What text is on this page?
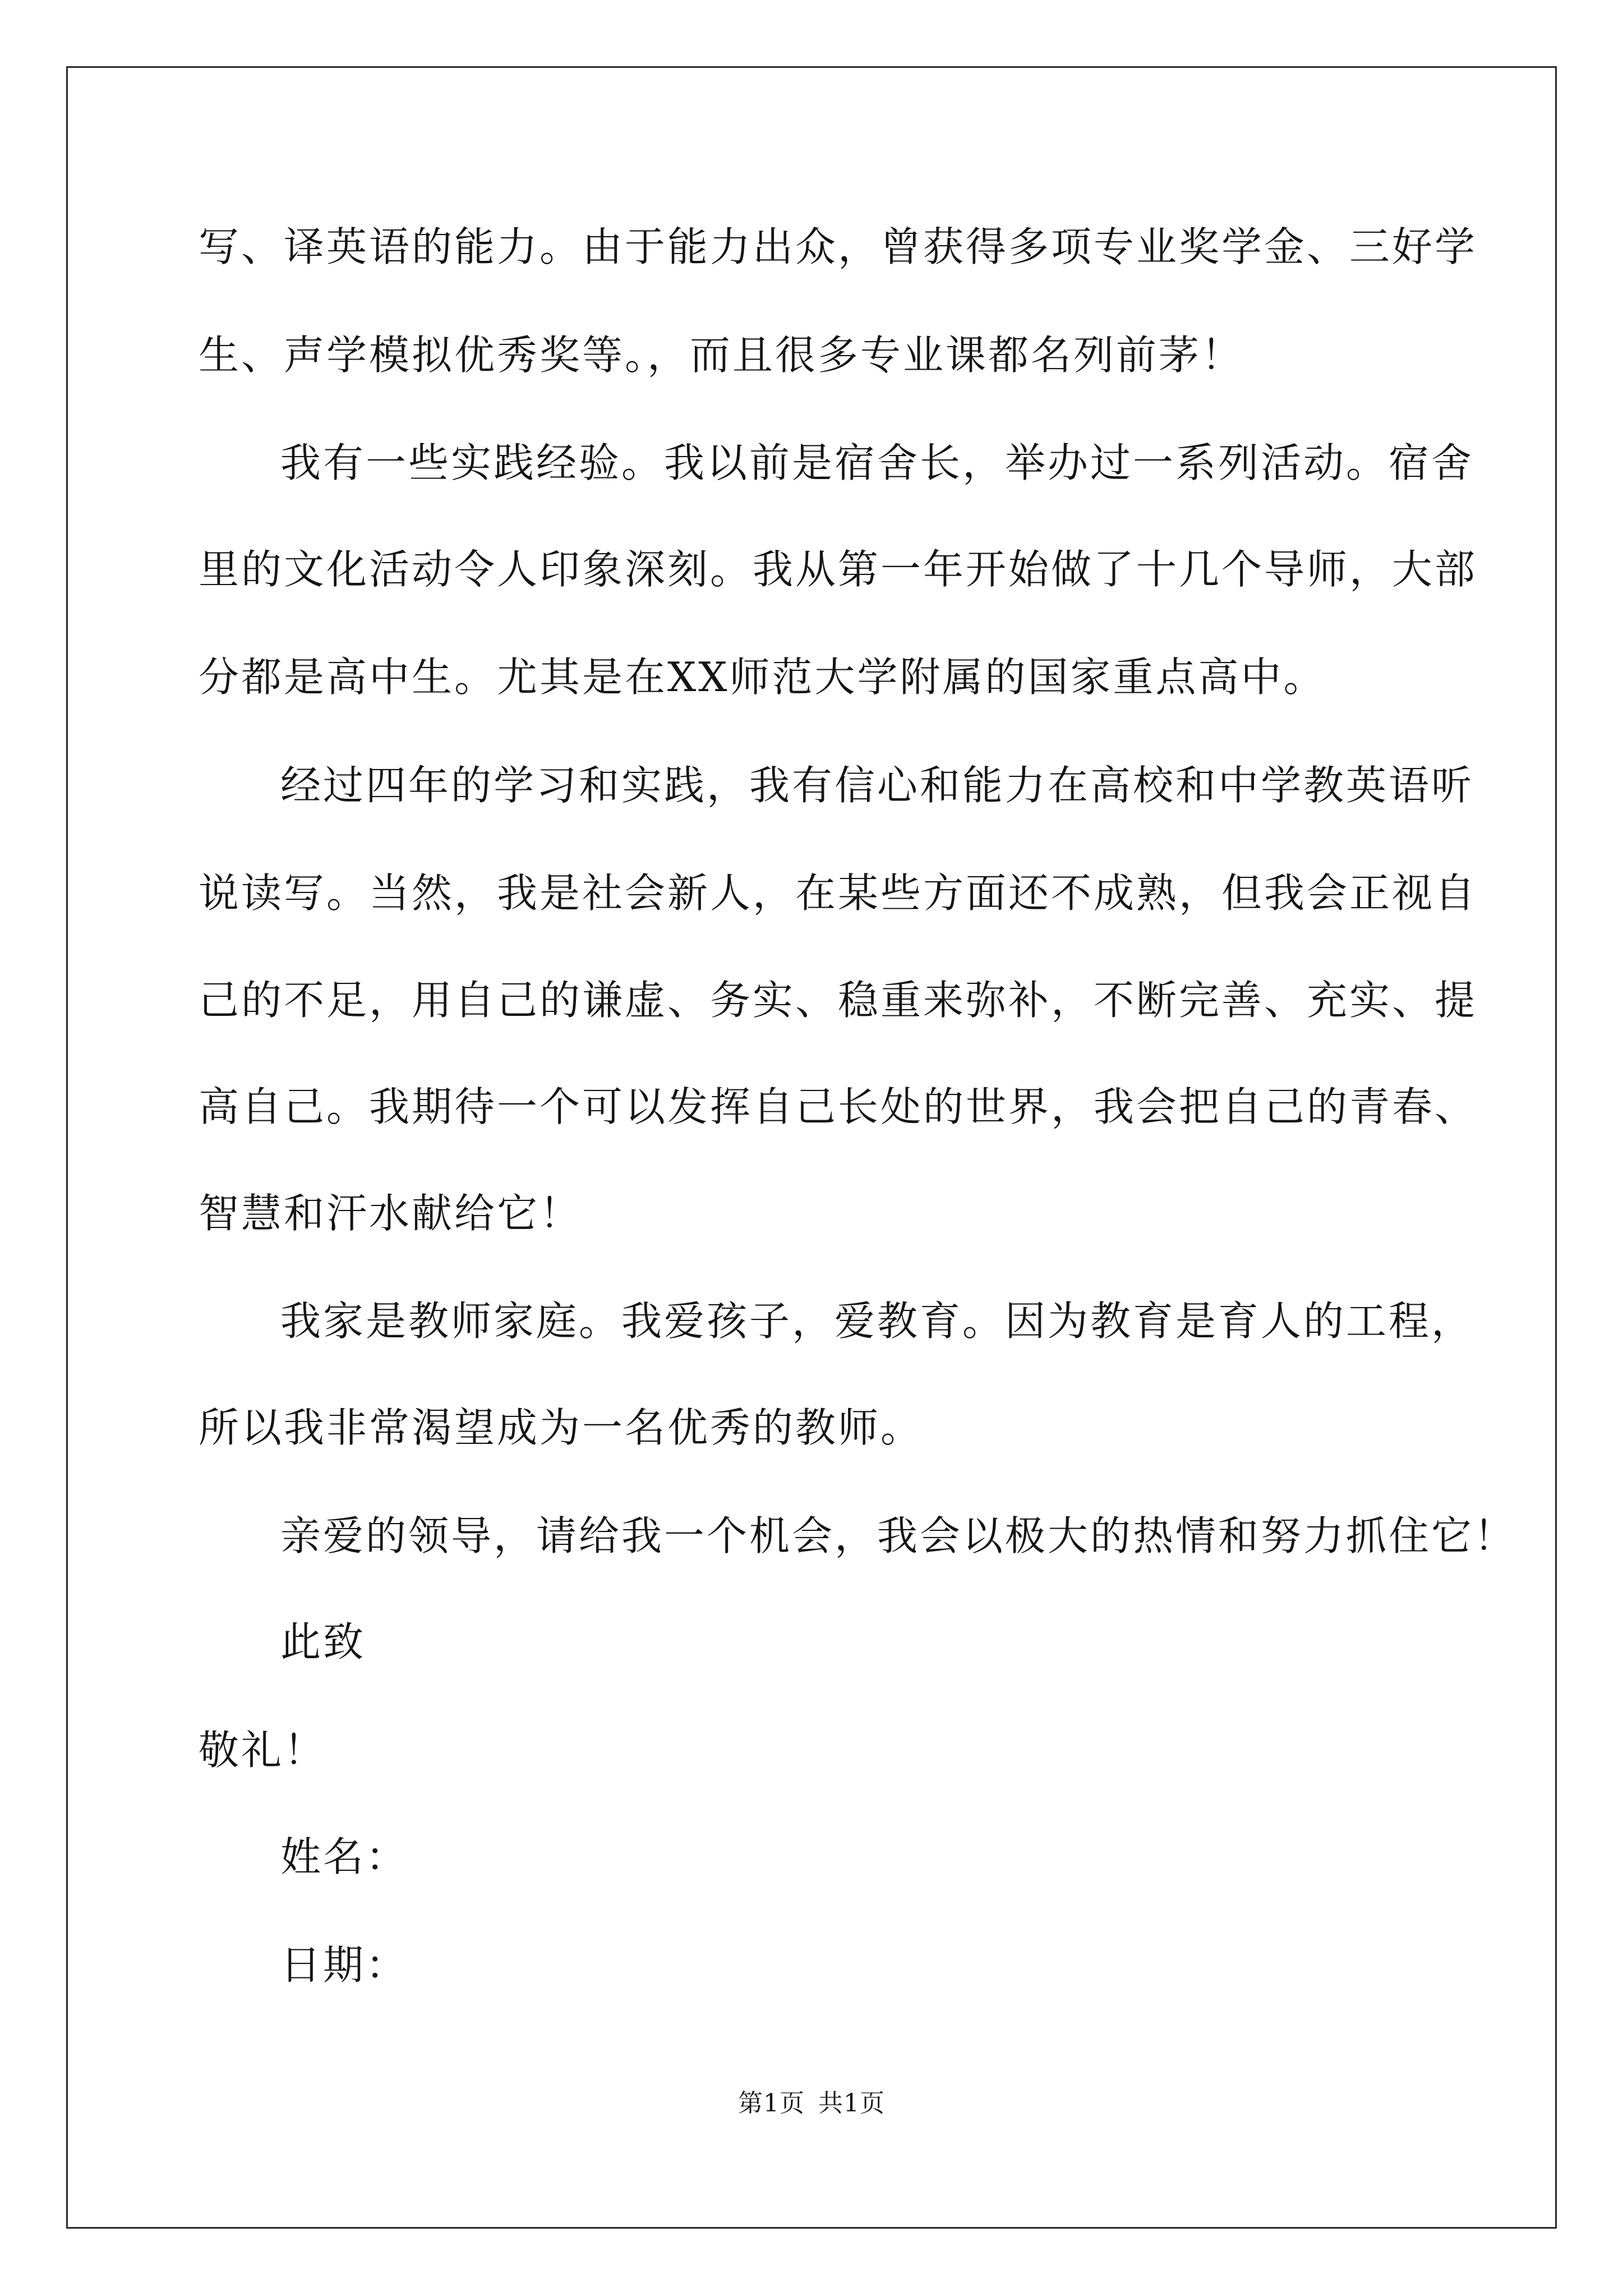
写、译英语的能力。由于能力出众，曾获得多项专业奖学金、三好学
生、声学模拟优秀奖等。，而且很多专业课都名列前茅！
我有一些实践经验。我以前是宿舍长，举办过一系列活动。宿舍
里的文化活动令人印象深刻。我从第一年开始做了十几个导师，大部
分都是高中生。尤其是在XX师范大学附属的国家重点高中。
经过四年的学习和实践，我有信心和能力在高校和中学教英语听
说读写。当然，我是社会新人，在某些方面还不成熟，但我会正视自
己的不足，用自己的谦虚、务实、稳重来弥补，不断完善、充实、提
高自己。我期待一个可以发挥自己长处的世界，我会把自己的青春、
智慧和汗水献给它！
我家是教师家庭。我爱孩子，爱教育。因为教育是育人的工程，
所以我非常渴望成为一名优秀的教师。
亲爱的领导，请给我一个机会，我会以极大的热情和努力抓住它！
此致
敬礼！
姓名：
日期：
第1页 共1页
